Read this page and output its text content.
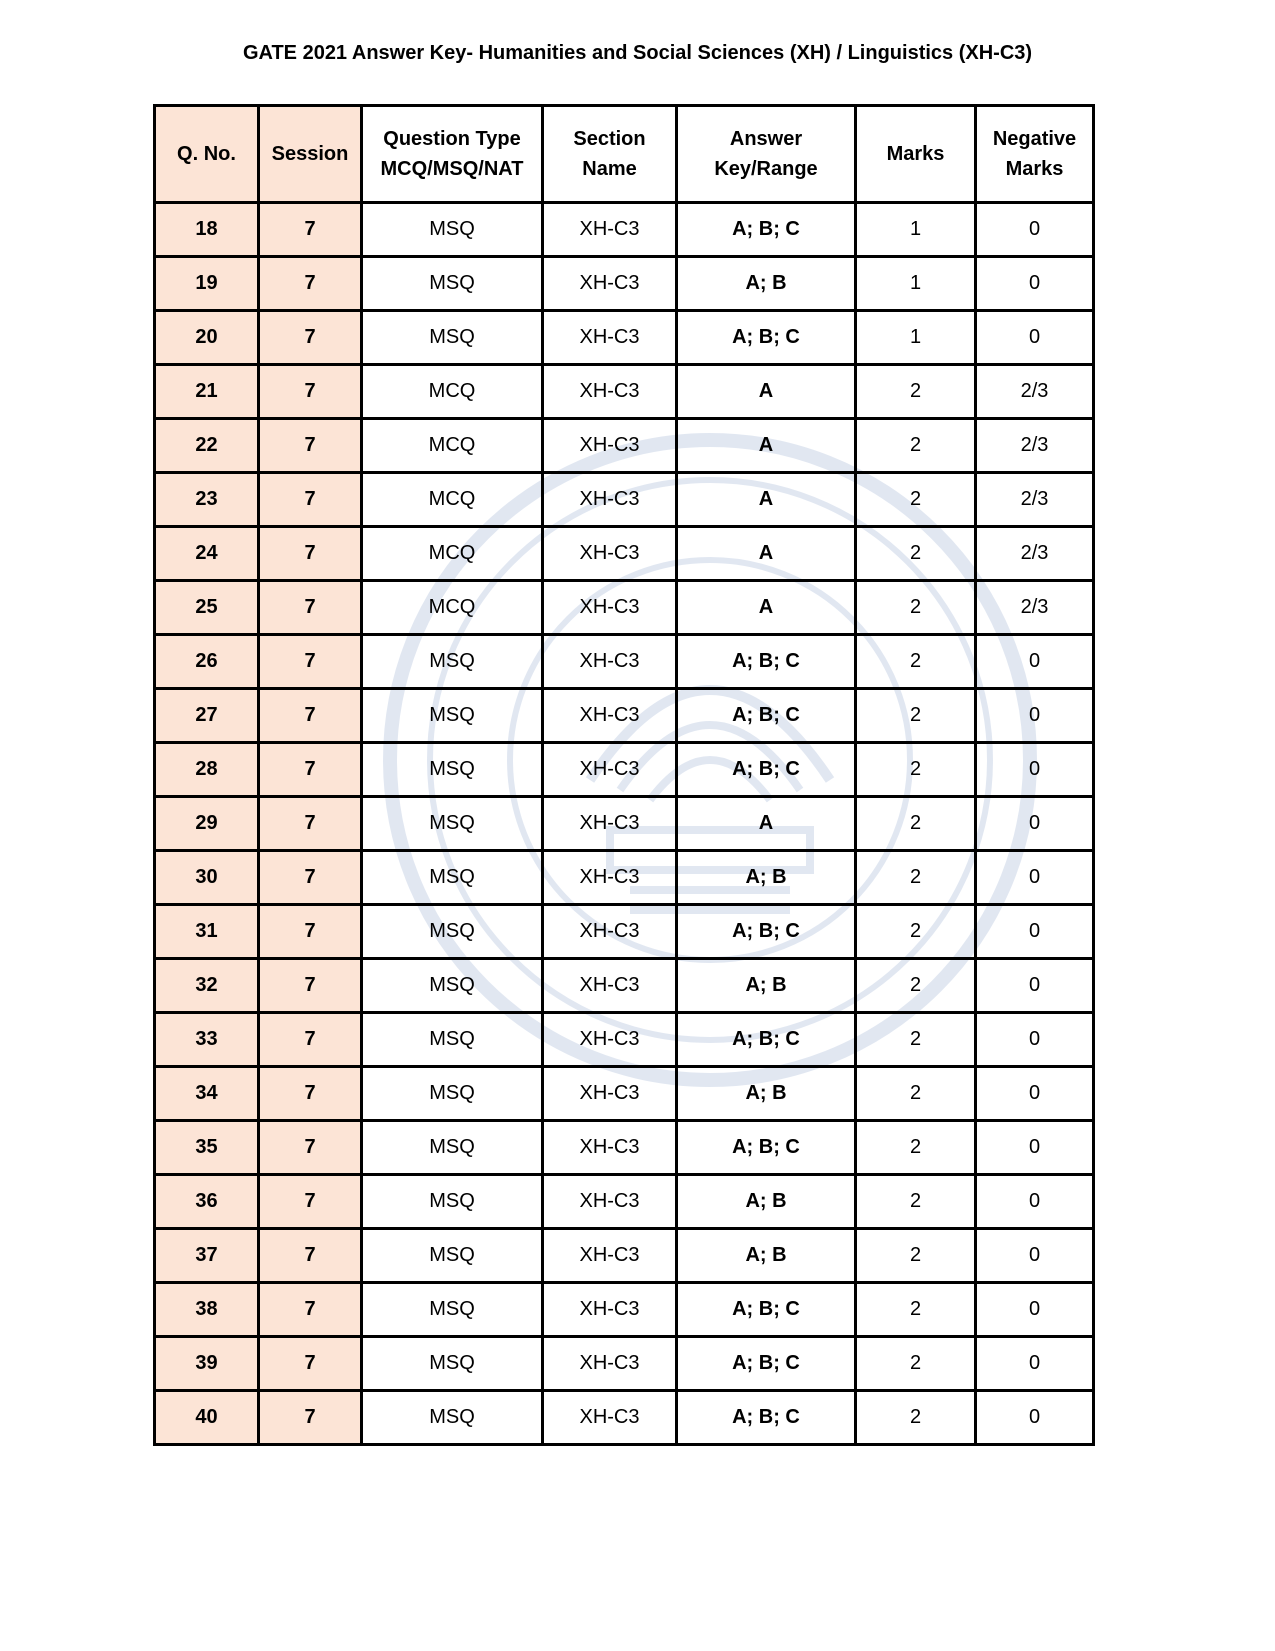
GATE 2021 Answer Key- Humanities and Social Sciences (XH) / Linguistics (XH-C3)
Q. No.	Session	Question Type MCQ/MSQ/NAT	Section Name	Answer Key/Range	Marks	Negative Marks
18	7	MSQ	XH-C3	A; B; C	1	0
19	7	MSQ	XH-C3	A; B	1	0
20	7	MSQ	XH-C3	A; B; C	1	0
21	7	MCQ	XH-C3	A	2	2/3
22	7	MCQ	XH-C3	A	2	2/3
23	7	MCQ	XH-C3	A	2	2/3
24	7	MCQ	XH-C3	A	2	2/3
25	7	MCQ	XH-C3	A	2	2/3
26	7	MSQ	XH-C3	A; B; C	2	0
27	7	MSQ	XH-C3	A; B; C	2	0
28	7	MSQ	XH-C3	A; B; C	2	0
29	7	MSQ	XH-C3	A	2	0
30	7	MSQ	XH-C3	A; B	2	0
31	7	MSQ	XH-C3	A; B; C	2	0
32	7	MSQ	XH-C3	A; B	2	0
33	7	MSQ	XH-C3	A; B; C	2	0
34	7	MSQ	XH-C3	A; B	2	0
35	7	MSQ	XH-C3	A; B; C	2	0
36	7	MSQ	XH-C3	A; B	2	0
37	7	MSQ	XH-C3	A; B	2	0
38	7	MSQ	XH-C3	A; B; C	2	0
39	7	MSQ	XH-C3	A; B; C	2	0
40	7	MSQ	XH-C3	A; B; C	2	0
